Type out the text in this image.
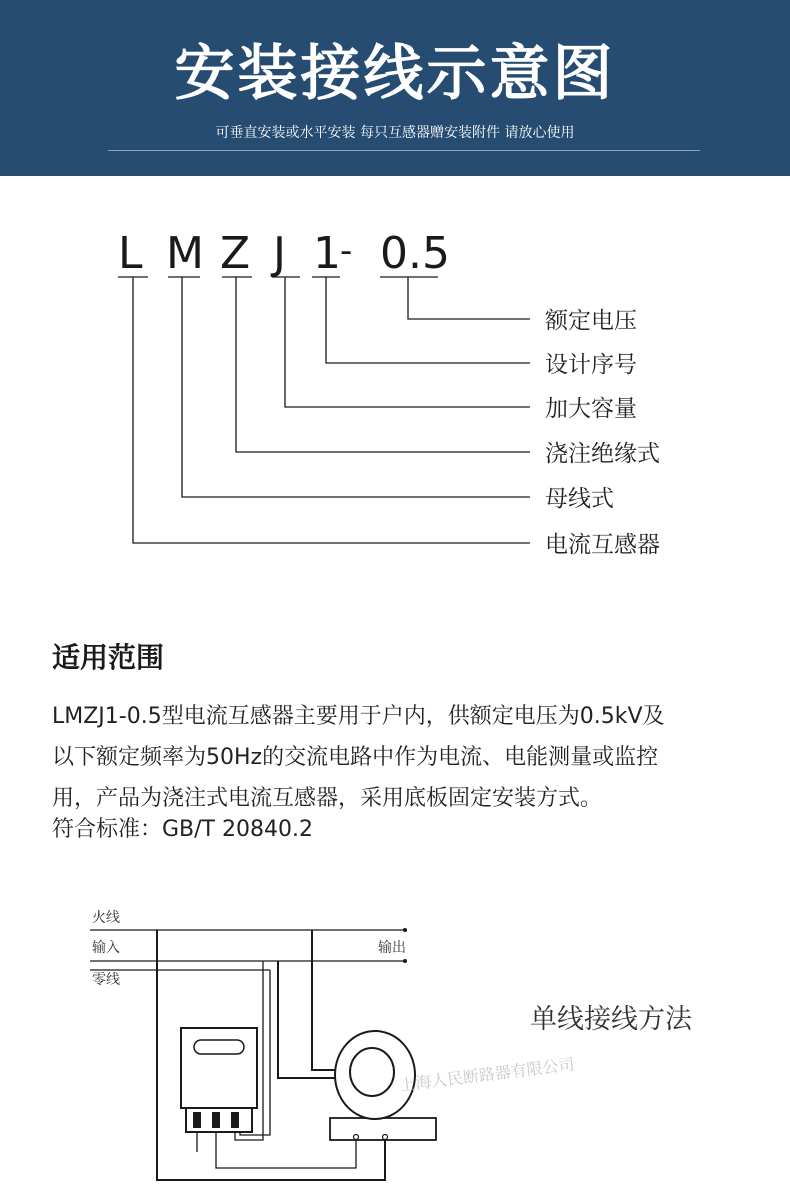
安装接线示意图
可垂直安装或水平安装 每只互感器赠安装附件 请放心使用
L M Z J 1 - 0.5
额定电压
设计序号
加大容量
浇注绝缘式
母线式
电流互感器
适用范围

LMZJ1-0.5型电流互感器主要用于户内，供额定电压为0.5kV及

以下额定频率为50Hz的交流电路中作为电流、电能测量或监控

用，产品为浇注式电流互感器，采用底板固定安装方式。

符合标准：GB/T 20840.2
火线
输入
零线
输出
单线接线方法
上海人民断路器有限公司
